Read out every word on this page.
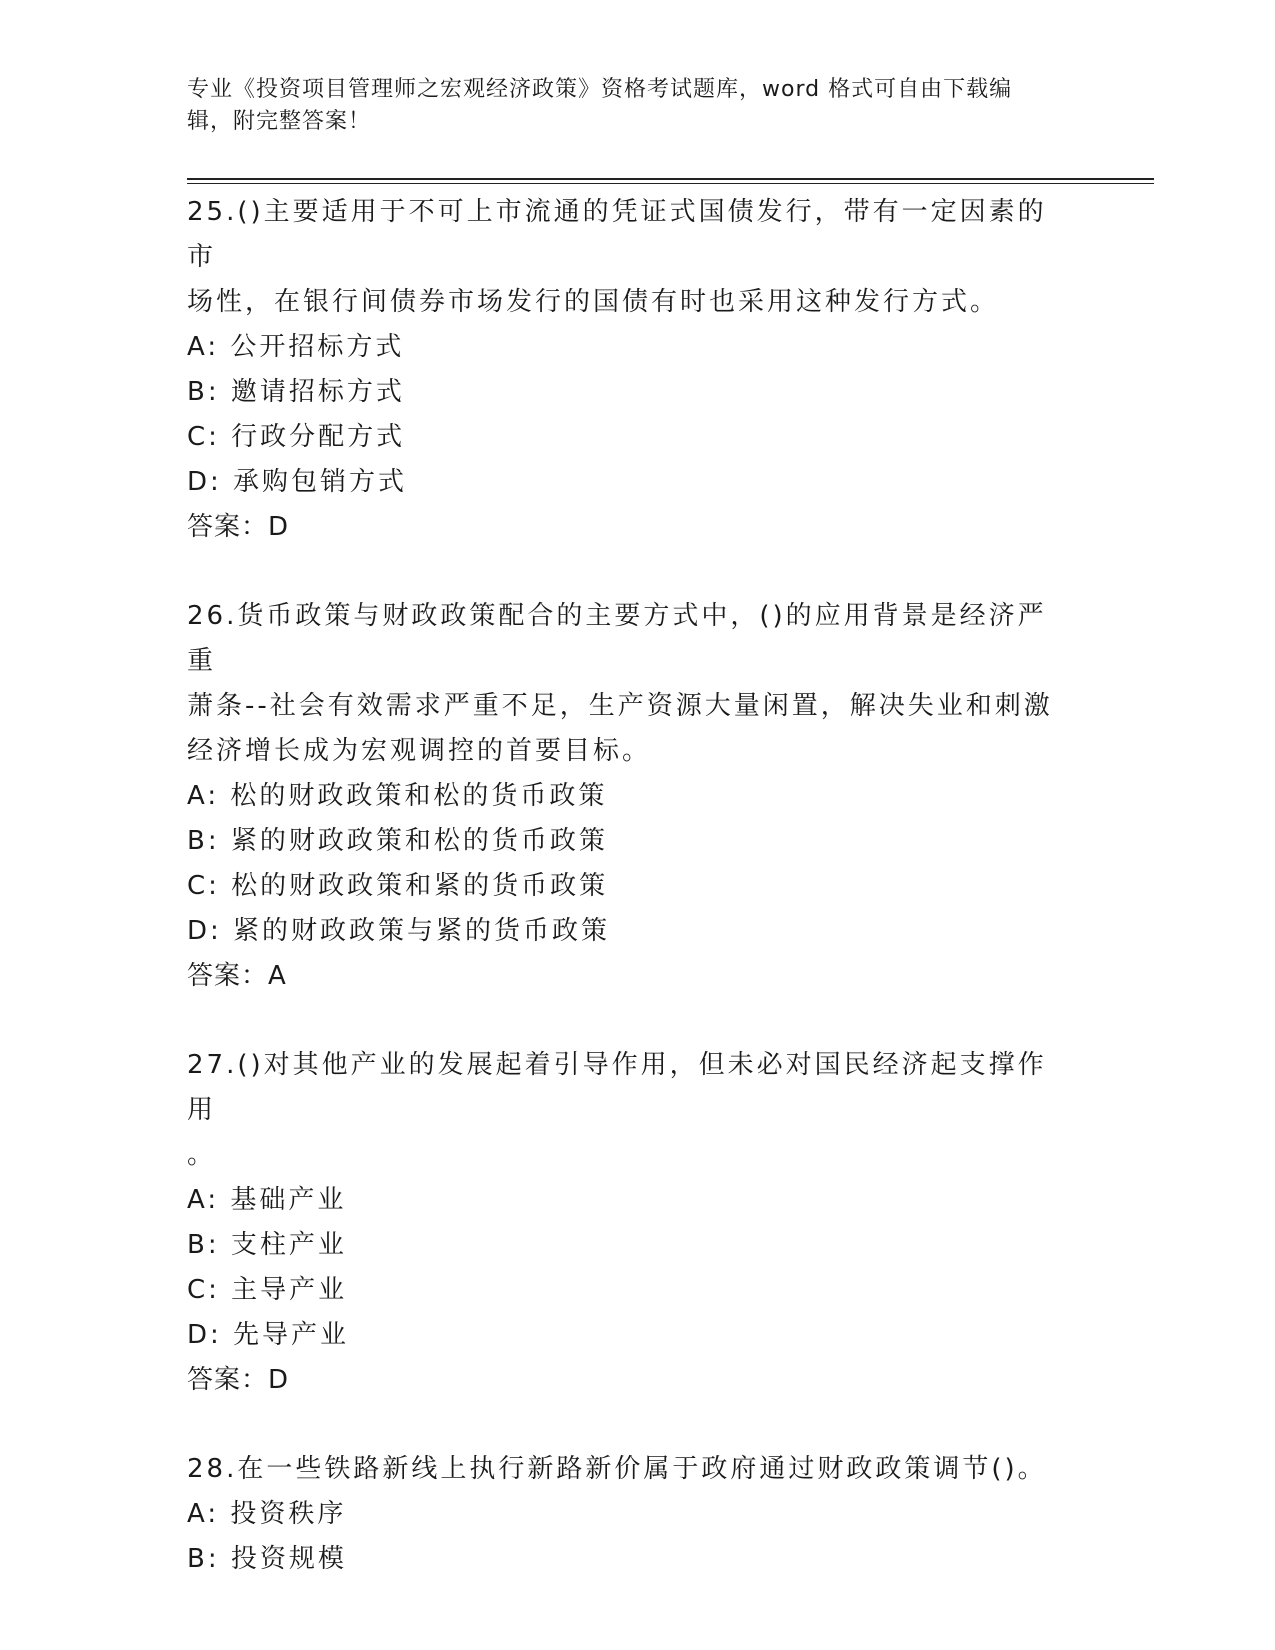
专业《投资项目管理师之宏观经济政策》资格考试题库，word 格式可自由下载编
辑，附完整答案！
25.()主要适用于不可上市流通的凭证式国债发行，带有一定因素的市
场性，在银行间债券市场发行的国债有时也采用这种发行方式。
A: 公开招标方式
B: 邀请招标方式
C: 行政分配方式
D: 承购包销方式
答案：D
26.货币政策与财政政策配合的主要方式中，()的应用背景是经济严重
萧条--社会有效需求严重不足，生产资源大量闲置，解决失业和刺激
经济增长成为宏观调控的首要目标。
A: 松的财政政策和松的货币政策
B: 紧的财政政策和松的货币政策
C: 松的财政政策和紧的货币政策
D: 紧的财政政策与紧的货币政策
答案：A
27.()对其他产业的发展起着引导作用，但未必对国民经济起支撑作用
。
A: 基础产业
B: 支柱产业
C: 主导产业
D: 先导产业
答案：D
28.在一些铁路新线上执行新路新价属于政府通过财政政策调节()。
A: 投资秩序
B: 投资规模
